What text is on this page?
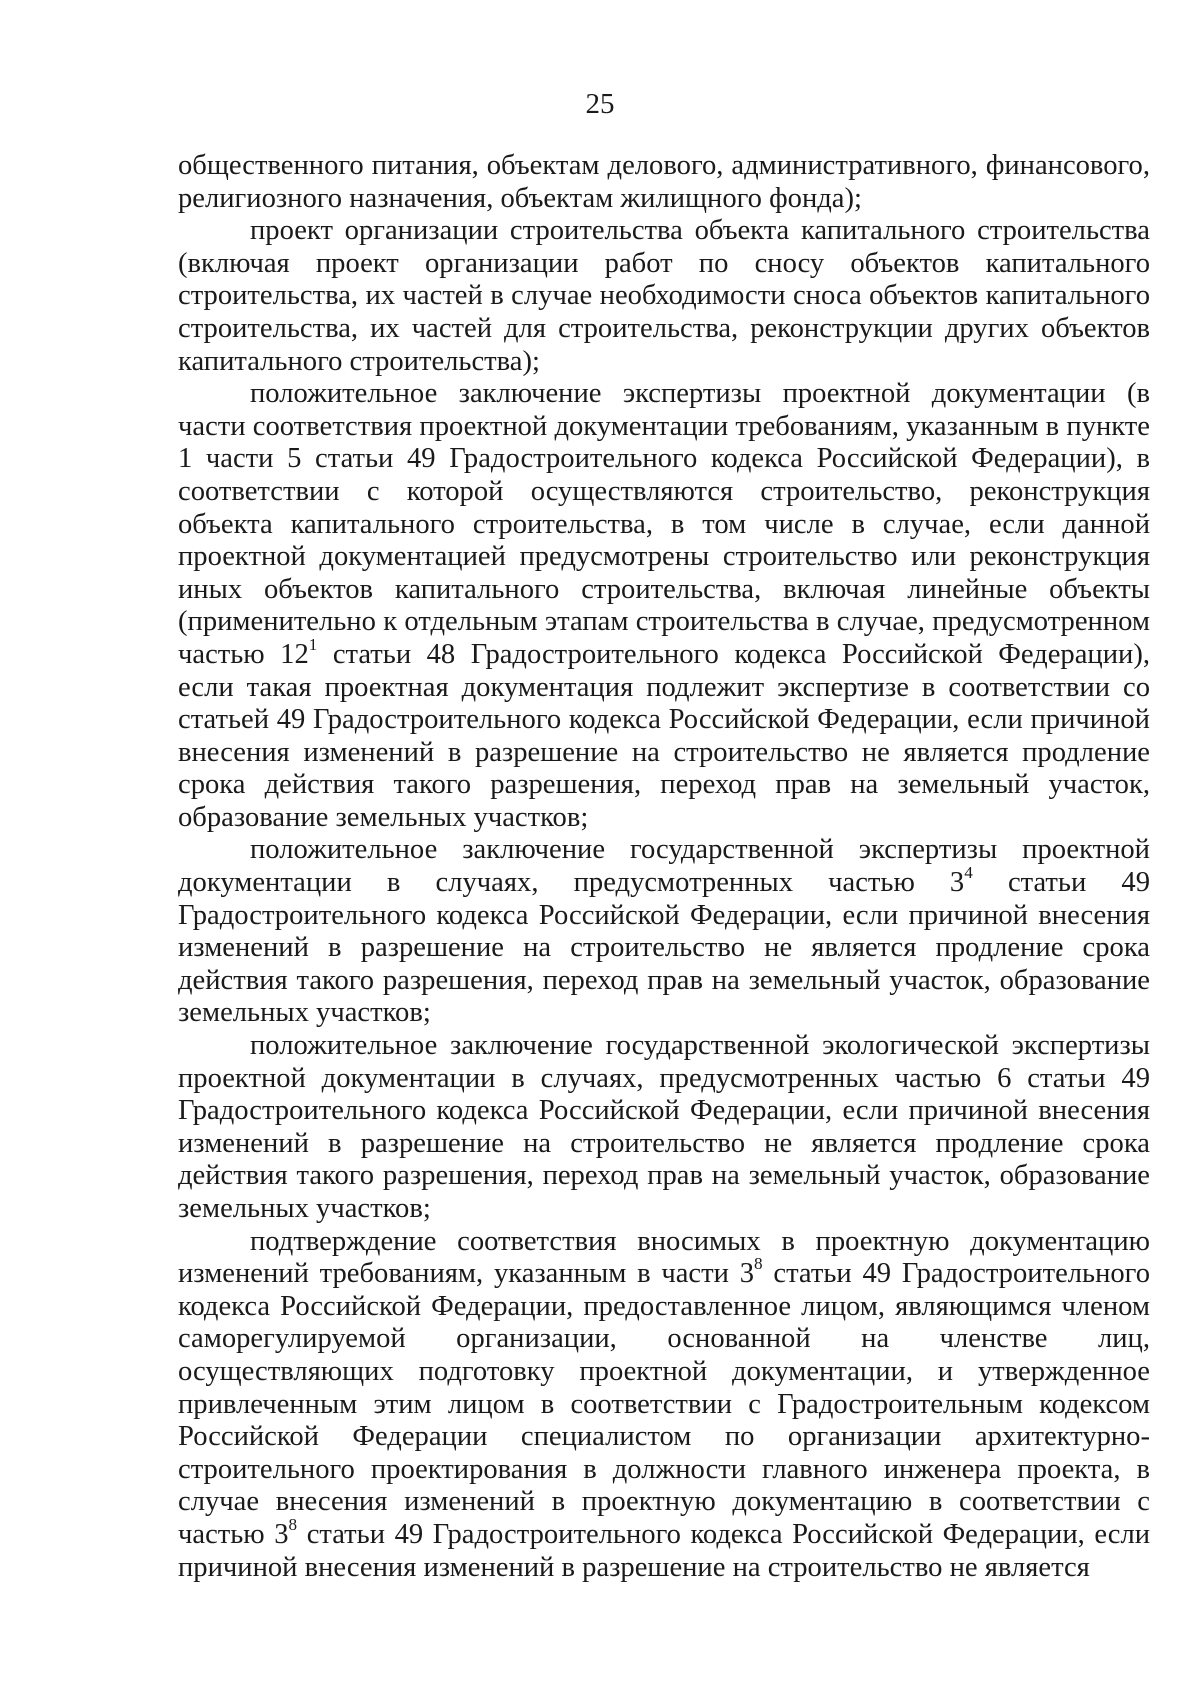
25

общественного питания, объектам делового, административного, финансового, религиозного назначения, объектам жилищного фонда);

проект организации строительства объекта капитального строительства (включая проект организации работ по сносу объектов капитального строительства, их частей в случае необходимости сноса объектов капитального строительства, их частей для строительства, реконструкции других объектов капитального строительства);

положительное заключение экспертизы проектной документации (в части соответствия проектной документации требованиям, указанным в пункте 1 части 5 статьи 49 Градостроительного кодекса Российской Федерации), в соответствии с которой осуществляются строительство, реконструкция объекта капитального строительства, в том числе в случае, если данной проектной документацией предусмотрены строительство или реконструкция иных объектов капитального строительства, включая линейные объекты (применительно к отдельным этапам строительства в случае, предусмотренном частью $12^1$ статьи 48 Градостроительного кодекса Российской Федерации), если такая проектная документация подлежит экспертизе в соответствии со статьей 49 Градостроительного кодекса Российской Федерации, если причиной внесения изменений в разрешение на строительство не является продление срока действия такого разрешения, переход прав на земельный участок, образование земельных участков;

положительное заключение государственной экспертизы проектной документации в случаях, предусмотренных частью $3^4$ статьи 49 Градостроительного кодекса Российской Федерации, если причиной внесения изменений в разрешение на строительство не является продление срока действия такого разрешения, переход прав на земельный участок, образование земельных участков;

положительное заключение государственной экологической экспертизы проектной документации в случаях, предусмотренных частью 6 статьи 49 Градостроительного кодекса Российской Федерации, если причиной внесения изменений в разрешение на строительство не является продление срока действия такого разрешения, переход прав на земельный участок, образование земельных участков;

подтверждение соответствия вносимых в проектную документацию изменений требованиям, указанным в части $3^8$ статьи 49 Градостроительного кодекса Российской Федерации, предоставленное лицом, являющимся членом саморегулируемой организации, основанной на членстве лиц, осуществляющих подготовку проектной документации, и утвержденное привлеченным этим лицом в соответствии с Градостроительным кодексом Российской Федерации специалистом по организации архитектурно-строительного проектирования в должности главного инженера проекта, в случае внесения изменений в проектную документацию в соответствии с частью $3^8$ статьи 49 Градостроительного кодекса Российской Федерации, если причиной внесения изменений в разрешение на строительство не является
